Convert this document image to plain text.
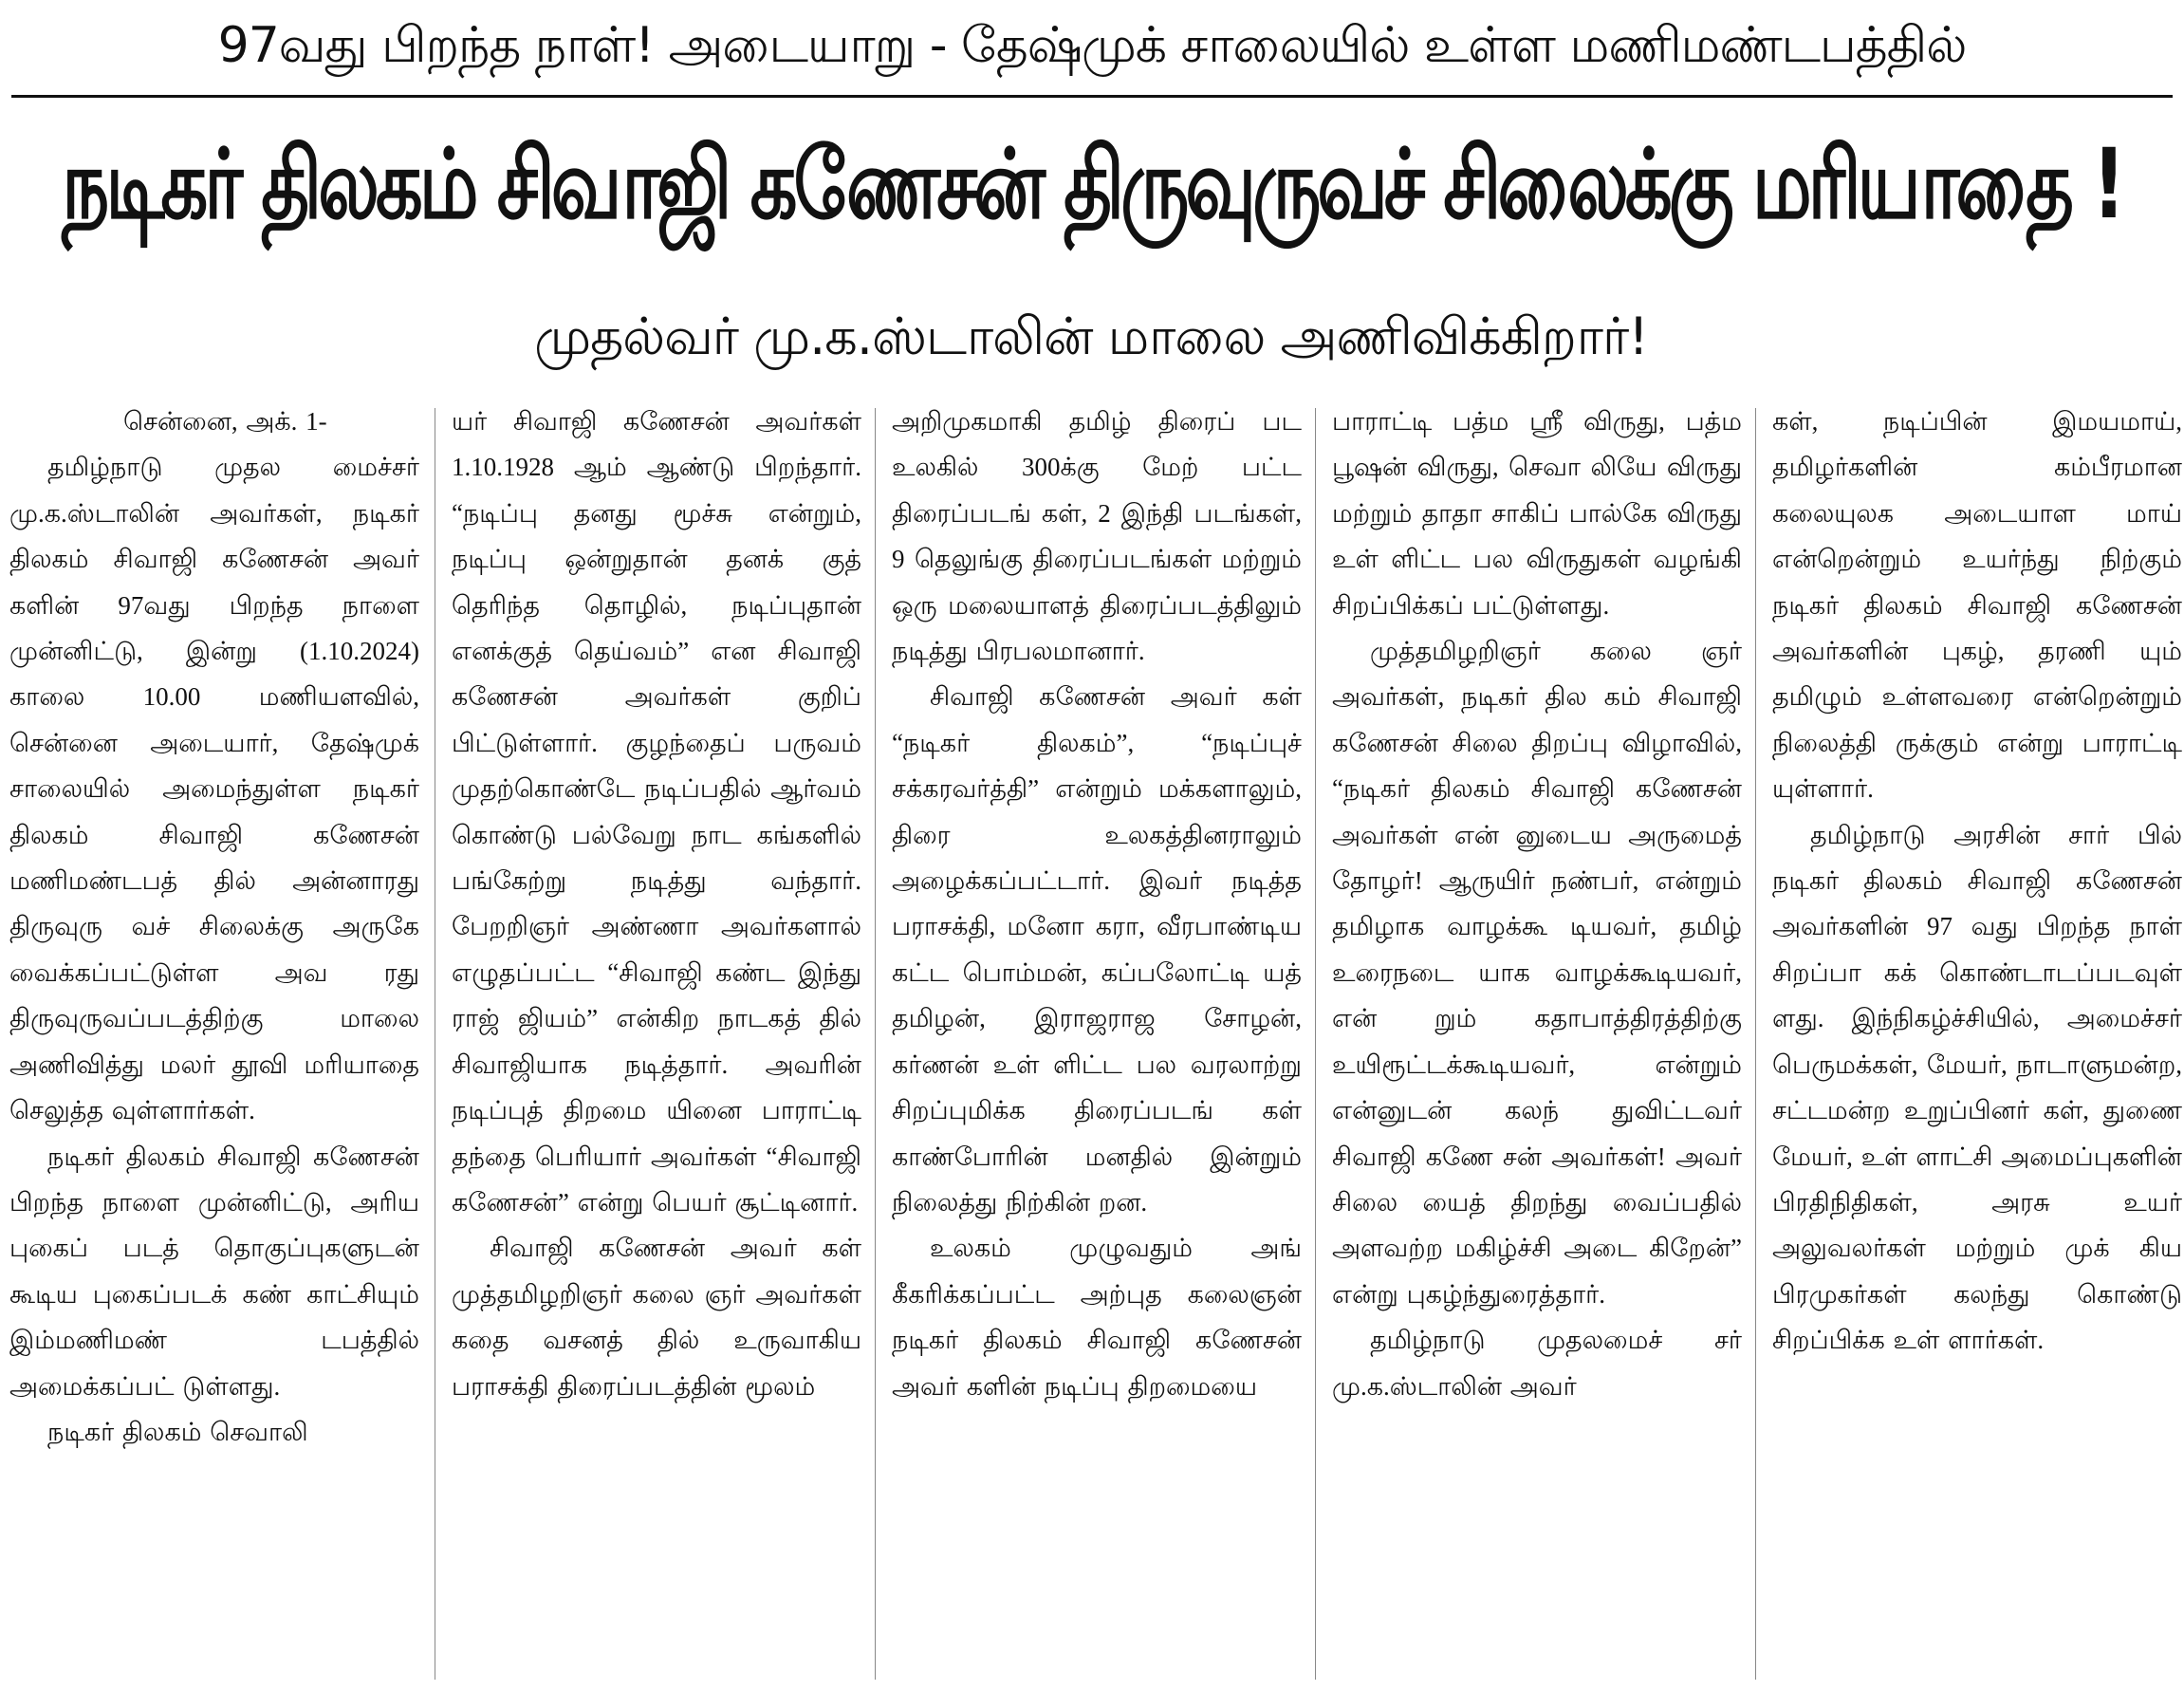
97வது பிறந்த நாள்! அடையாறு - தேஷ்முக் சாலையில் உள்ள மணிமண்டபத்தில்
நடிகர் திலகம் சிவாஜி கணேசன் திருவுருவச் சிலைக்கு மரியாதை !
முதல்வர் மு.க.ஸ்டாலின் மாலை அணிவிக்கிறார்!

சென்னை, அக். 1-

தமிழ்நாடு முதல மைச்சர் மு.க.ஸ்டாலின் அவர்கள், நடிகர் திலகம் சிவாஜி கணேசன் அவர் களின் 97வது பிறந்த நாளை முன்னிட்டு, இன்று (1.10.2024) காலை 10.00 மணியளவில், சென்னை அடையார், தேஷ்முக் சாலையில் அமைந்துள்ள நடிகர் திலகம் சிவாஜி கணேசன் மணிமண்டபத் தில் அன்னாரது திருவுரு வச் சிலைக்கு அருகே வைக்கப்பட்டுள்ள அவ ரது திருவுருவப்படத்திற்கு மாலை அணிவித்து மலர் தூவி மரியாதை செலுத்த வுள்ளார்கள்.

நடிகர் திலகம் சிவாஜி கணேசன் பிறந்த நாளை முன்னிட்டு, அரிய புகைப் படத் தொகுப்புகளுடன் கூடிய புகைப்படக் கண் காட்சியும் இம்மணிமண் டபத்தில் அமைக்கப்பட் டுள்ளது.

நடிகர் திலகம் செவாலி

யர் சிவாஜி கணேசன் அவர்கள் 1.10.1928 ஆம் ஆண்டு பிறந்தார். “நடிப்பு தனது மூச்சு என்றும், நடிப்பு ஒன்றுதான் தனக் குத் தெரிந்த தொழில், நடிப்புதான் எனக்குத் தெய்வம்” என சிவாஜி கணேசன் அவர்கள் குறிப் பிட்டுள்ளார். குழந்தைப் பருவம் முதற்கொண்டே நடிப்பதில் ஆர்வம் கொண்டு பல்வேறு நாட கங்களில் பங்கேற்று நடித்து வந்தார். பேறறிஞர் அண்ணா அவர்களால் எழுதப்பட்ட “சிவாஜி கண்ட இந்து ராஜ் ஜியம்” என்கிற நாடகத் தில் சிவாஜியாக நடித்தார். அவரின் நடிப்புத் திறமை யினை பாராட்டி தந்தை பெரியார் அவர்கள் “சிவாஜி கணேசன்” என்று பெயர் சூட்டினார்.

சிவாஜி கணேசன் அவர் கள் முத்தமிழறிஞர் கலை ஞர் அவர்கள் கதை வசனத் தில் உருவாகிய பராசக்தி திரைப்படத்தின் மூலம்

அறிமுகமாகி தமிழ் திரைப் பட உலகில் 300க்கு மேற் பட்ட திரைப்படங் கள், 2 இந்தி படங்கள், 9 தெலுங்கு திரைப்படங்கள் மற்றும் ஒரு மலையாளத் திரைப்படத்திலும் நடித்து பிரபலமானார்.

சிவாஜி கணேசன் அவர் கள் “நடிகர் திலகம்”, “நடிப்புச் சக்கரவர்த்தி” என்றும் மக்களாலும், திரை உலகத்தினராலும் அழைக்கப்பட்டார். இவர் நடித்த பராசக்தி, மனோ கரா, வீரபாண்டிய கட்ட பொம்மன், கப்பலோட்டி யத் தமிழன், இராஜராஜ சோழன், கர்ணன் உள் ளிட்ட பல வரலாற்று சிறப்புமிக்க திரைப்படங் கள் காண்போரின் மனதில் இன்றும் நிலைத்து நிற்கின் றன.

உலகம் முழுவதும் அங் கீகரிக்கப்பட்ட அற்புத கலைஞன் நடிகர் திலகம் சிவாஜி கணேசன் அவர் களின் நடிப்பு திறமையை

பாராட்டி பத்ம ஸ்ரீ விருது, பத்ம பூஷன் விருது, செவா லியே விருது மற்றும் தாதா சாகிப் பால்கே விருது உள் ளிட்ட பல விருதுகள் வழங்கி சிறப்பிக்கப் பட்டுள்ளது.

முத்தமிழறிஞர் கலை ஞர் அவர்கள், நடிகர் தில கம் சிவாஜி கணேசன் சிலை திறப்பு விழாவில், “நடிகர் திலகம் சிவாஜி கணேசன் அவர்கள் என் னுடைய அருமைத் தோழர்! ஆருயிர் நண்பர், என்றும் தமிழாக வாழக்கூ டியவர், தமிழ் உரைநடை யாக வாழக்கூடியவர், என் றும் கதாபாத்திரத்திற்கு உயிரூட்டக்கூடியவர், என்றும் என்னுடன் கலந் துவிட்டவர் சிவாஜி கணே சன் அவர்கள்! அவர் சிலை யைத் திறந்து வைப்பதில் அளவற்ற மகிழ்ச்சி அடை கிறேன்” என்று புகழ்ந்துரைத்தார்.

தமிழ்நாடு முதலமைச் சர் மு.க.ஸ்டாலின் அவர்

கள், நடிப்பின் இமயமாய், தமிழர்களின் கம்பீரமான கலையுலக அடையாள மாய் என்றென்றும் உயர்ந்து நிற்கும் நடிகர் திலகம் சிவாஜி கணேசன் அவர்களின் புகழ், தரணி யும் தமிழும் உள்ளவரை என்றென்றும் நிலைத்தி ருக்கும் என்று பாராட்டி யுள்ளார்.

தமிழ்நாடு அரசின் சார் பில் நடிகர் திலகம் சிவாஜி கணேசன் அவர்களின் 97 வது பிறந்த நாள் சிறப்பா கக் கொண்டாடப்படவுள் ளது. இந்நிகழ்ச்சியில், அமைச்சர் பெருமக்கள், மேயர், நாடாளுமன்ற, சட்டமன்ற உறுப்பினர் கள், துணை மேயர், உள் ளாட்சி அமைப்புகளின் பிரதிநிதிகள், அரசு உயர் அலுவலர்கள் மற்றும் முக் கிய பிரமுகர்கள் கலந்து கொண்டு சிறப்பிக்க உள் ளார்கள்.
